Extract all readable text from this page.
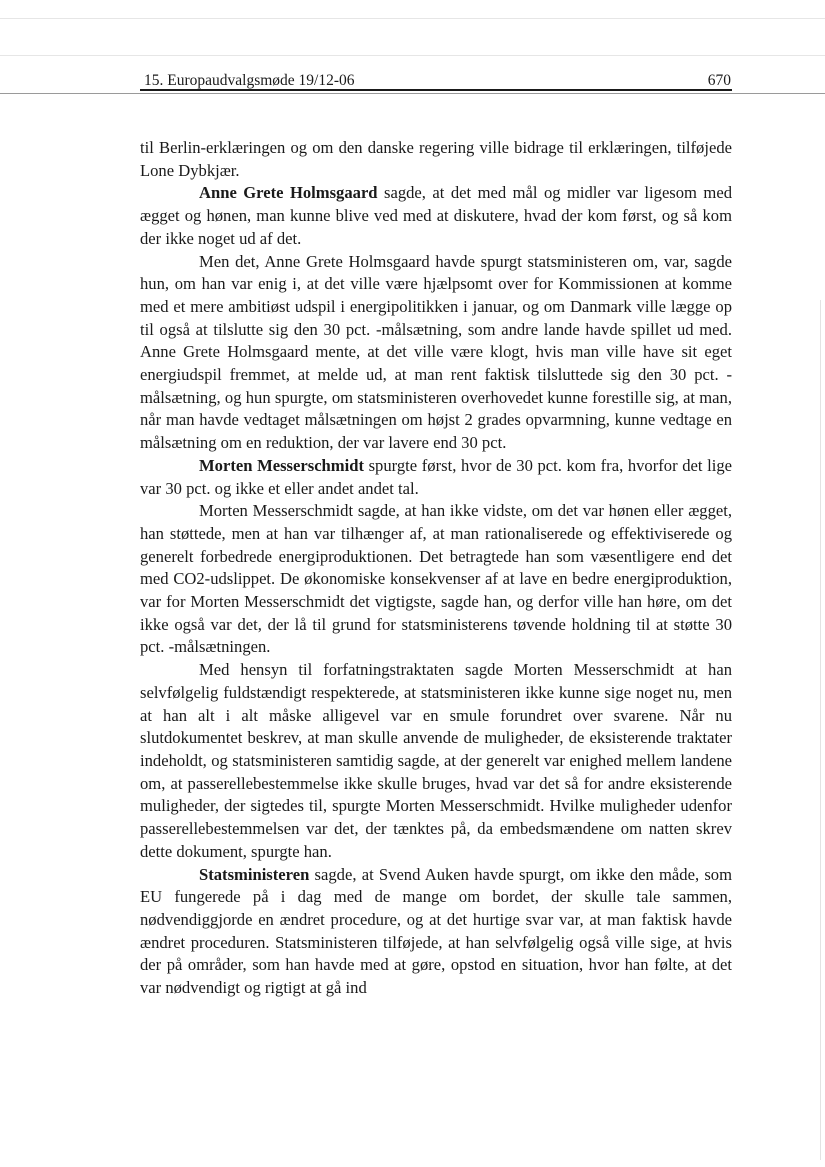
15. Europaudvalgsmøde 19/12-06	670

til Berlin-erklæringen og om den danske regering ville bidrage til erklæringen, tilføjede Lone Dybkjær.

Anne Grete Holmsgaard sagde, at det med mål og midler var ligesom med ægget og hønen, man kunne blive ved med at diskutere, hvad der kom først, og så kom der ikke noget ud af det.

Men det, Anne Grete Holmsgaard havde spurgt statsministeren om, var, sagde hun, om han var enig i, at det ville være hjælpsomt over for Kommissionen at komme med et mere ambitiøst udspil i energipolitikken i januar, og om Danmark ville lægge op til også at tilslutte sig den 30 pct. -målsætning, som andre lande havde spillet ud med. Anne Grete Holmsgaard mente, at det ville være klogt, hvis man ville have sit eget energiudspil fremmet, at melde ud, at man rent faktisk tilsluttede sig den 30 pct. -målsætning, og hun spurgte, om statsministeren overhovedet kunne forestille sig, at man, når man havde vedtaget målsætningen om højst 2 grades opvarmning, kunne vedtage en målsætning om en reduktion, der var lavere end 30 pct.

Morten Messerschmidt spurgte først, hvor de 30 pct. kom fra, hvorfor det lige var 30 pct. og ikke et eller andet andet tal.

Morten Messerschmidt sagde, at han ikke vidste, om det var hønen eller ægget, han støttede, men at han var tilhænger af, at man rationaliserede og effektiviserede og generelt forbedrede energiproduktionen. Det betragtede han som væsentligere end det med CO2-udslippet. De økonomiske konsekvenser af at lave en bedre energiproduktion, var for Morten Messerschmidt det vigtigste, sagde han, og derfor ville han høre, om det ikke også var det, der lå til grund for statsministerens tøvende holdning til at støtte 30 pct. -målsætningen.

Med hensyn til forfatningstraktaten sagde Morten Messerschmidt at han selvfølgelig fuldstændigt respekterede, at statsministeren ikke kunne sige noget nu, men at han alt i alt måske alligevel var en smule forundret over svarene. Når nu slutdokumentet beskrev, at man skulle anvende de muligheder, de eksisterende traktater indeholdt, og statsministeren samtidig sagde, at der generelt var enighed mellem landene om, at passerellebestemmelse ikke skulle bruges, hvad var det så for andre eksisterende muligheder, der sigtedes til, spurgte Morten Messerschmidt. Hvilke muligheder udenfor passerellebestemmelsen var det, der tænktes på, da embedsmændene om natten skrev dette dokument, spurgte han.

Statsministeren sagde, at Svend Auken havde spurgt, om ikke den måde, som EU fungerede på i dag med de mange om bordet, der skulle tale sammen, nødvendiggjorde en ændret procedure, og at det hurtige svar var, at man faktisk havde ændret proceduren. Statsministeren tilføjede, at han selvfølgelig også ville sige, at hvis der på områder, som han havde med at gøre, opstod en situation, hvor han følte, at det var nødvendigt og rigtigt at gå ind
